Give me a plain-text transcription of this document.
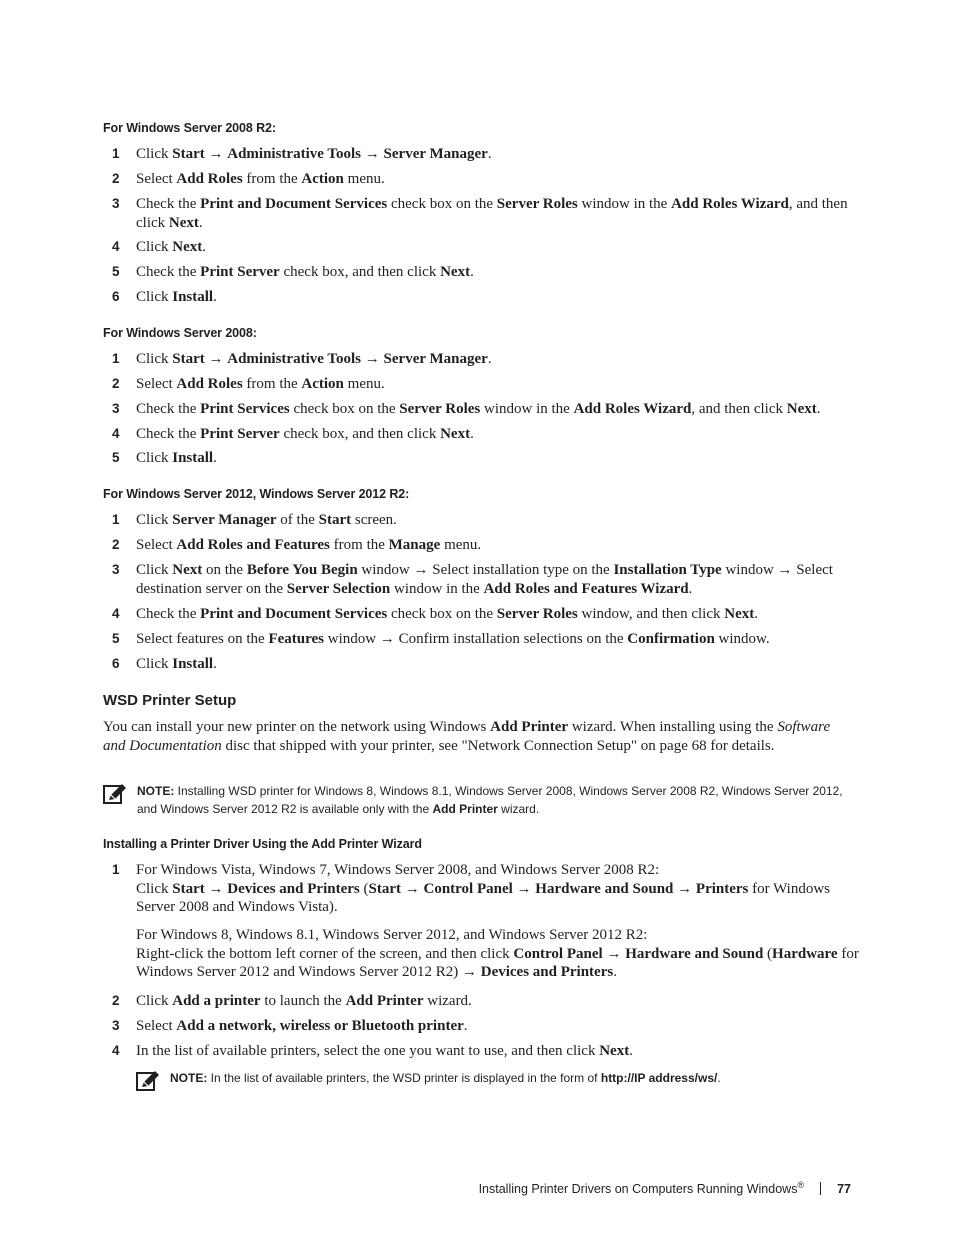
For Windows Server 2008 R2:
1 Click Start → Administrative Tools → Server Manager.
2 Select Add Roles from the Action menu.
3 Check the Print and Document Services check box on the Server Roles window in the Add Roles Wizard, and then click Next.
4 Click Next.
5 Check the Print Server check box, and then click Next.
6 Click Install.
For Windows Server 2008:
1 Click Start → Administrative Tools → Server Manager.
2 Select Add Roles from the Action menu.
3 Check the Print Services check box on the Server Roles window in the Add Roles Wizard, and then click Next.
4 Check the Print Server check box, and then click Next.
5 Click Install.
For Windows Server 2012, Windows Server 2012 R2:
1 Click Server Manager of the Start screen.
2 Select Add Roles and Features from the Manage menu.
3 Click Next on the Before You Begin window → Select installation type on the Installation Type window → Select destination server on the Server Selection window in the Add Roles and Features Wizard.
4 Check the Print and Document Services check box on the Server Roles window, and then click Next.
5 Select features on the Features window → Confirm installation selections on the Confirmation window.
6 Click Install.
WSD Printer Setup
You can install your new printer on the network using Windows Add Printer wizard. When installing using the Software and Documentation disc that shipped with your printer, see "Network Connection Setup" on page 68 for details.
NOTE: Installing WSD printer for Windows 8, Windows 8.1, Windows Server 2008, Windows Server 2008 R2, Windows Server 2012, and Windows Server 2012 R2 is available only with the Add Printer wizard.
Installing a Printer Driver Using the Add Printer Wizard
1 For Windows Vista, Windows 7, Windows Server 2008, and Windows Server 2008 R2:
Click Start → Devices and Printers (Start → Control Panel → Hardware and Sound → Printers for Windows Server 2008 and Windows Vista).
For Windows 8, Windows 8.1, Windows Server 2012, and Windows Server 2012 R2:
Right-click the bottom left corner of the screen, and then click Control Panel → Hardware and Sound (Hardware for Windows Server 2012 and Windows Server 2012 R2) → Devices and Printers.
2 Click Add a printer to launch the Add Printer wizard.
3 Select Add a network, wireless or Bluetooth printer.
4 In the list of available printers, select the one you want to use, and then click Next.
NOTE: In the list of available printers, the WSD printer is displayed in the form of http://IP address/ws/.
Installing Printer Drivers on Computers Running Windows®	77
